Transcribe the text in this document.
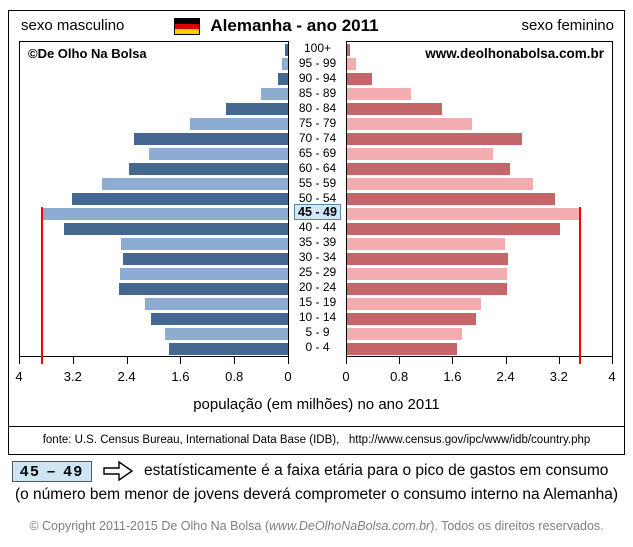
sexo masculino	sexo feminino
Alemanha - ano 2011
©De Olho Na Bolsa	100+
95 - 99
90 - 94
85 - 89
80 - 84
75 - 79
70 - 74
65 - 69
60 - 64
55 - 59
50 - 54
45 - 49
40 - 44
35 - 39
30 - 34
25 - 29
20 - 24
15 - 19
10 - 14
5 - 9
0 - 4
www.deolhonabolsa.com.br
4	3.2	2.4	1.6	0.8	0	0	0.8	1.6	2.4	3.2	4
população (em milhões) no ano 2011
fonte: U.S. Census Bureau, International Data Base (IDB),   http://www.census.gov/ipc/www/idb/country.php
45 – 49	estatísticamente é a faixa etária para o pico de gastos em consumo
(o número bem menor de jovens deverá comprometer o consumo interno na Alemanha)
© Copyright 2011-2015 De Olho Na Bolsa (www.DeOlhoNaBolsa.com.br). Todos os direitos reservados.
